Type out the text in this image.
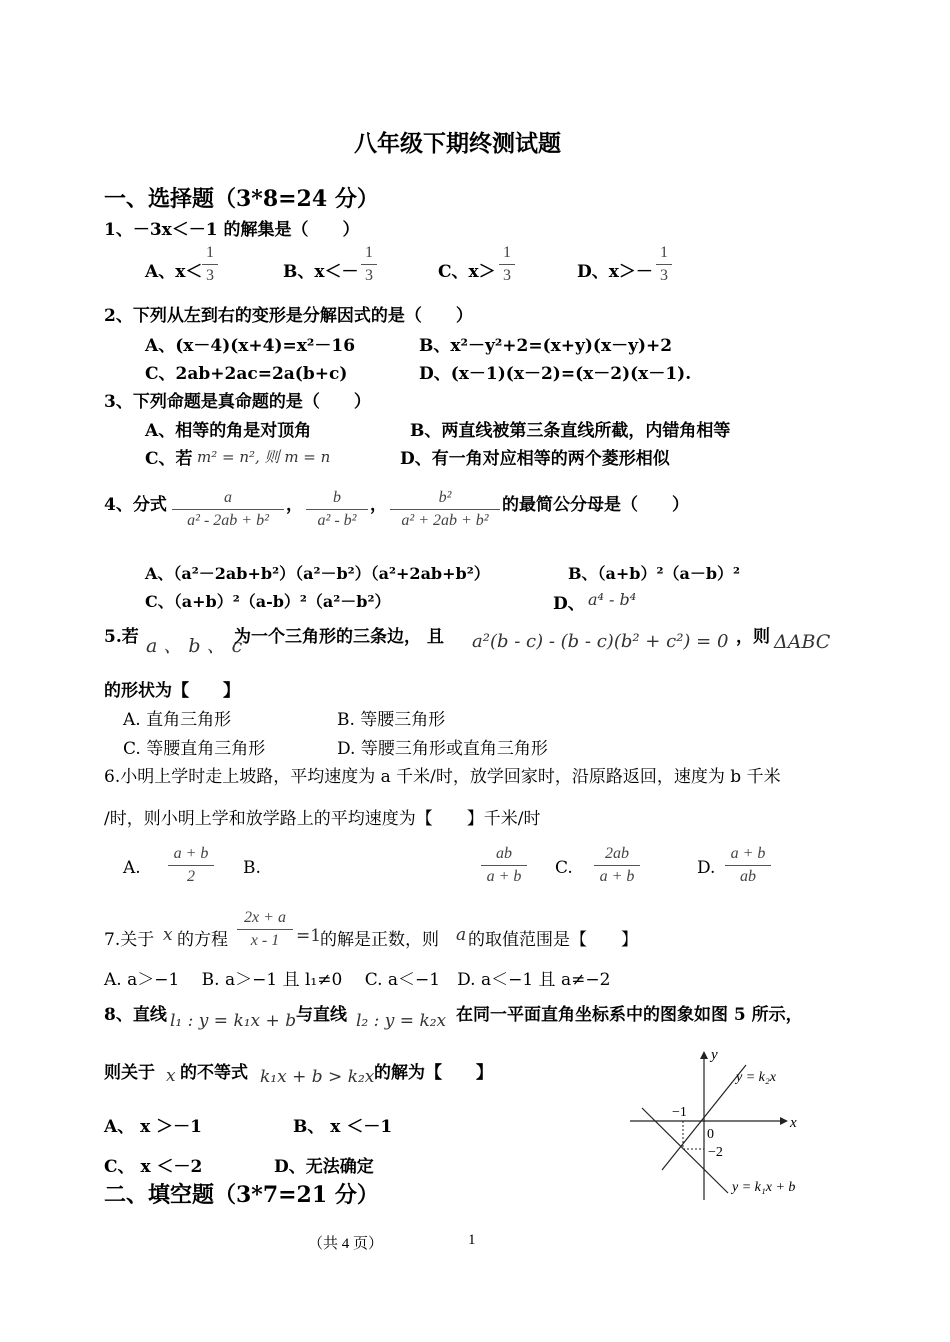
八年级下期终测试题
一、选择题（3*8=24 分）
1、－3x＜－1 的解集是（　　）
A、$x< \frac{1}{3}$	B、$x<- \frac{1}{3}$	C、$x> \frac{1}{3}$	D、$x>- \frac{1}{3}$
2、下列从左到右的变形是分解因式的是（　　）
A、(x－4)(x+4)=x²－16	B、x²－y²+2=(x+y)(x－y)+2
C、2ab+2ac=2a(b+c)	D、(x－1)(x－2)=(x－2)(x－1).
3、下列命题是真命题的是（　　）
A、相等的角是对顶角	B、两直线被第三条直线所截，内错角相等
C、若 m² = n², 则 m = n	D、有一角对应相等的两个菱形相似
4、分式 $\frac{a}{\text{a² - 2ab + b²}}$ ， $\frac{b}{\text{a² - b²}}$ ， $\frac{\text{b²}}{\text{a² + 2ab + b²}}$ 的最简公分母是（　　）
A、（a²－2ab+b²）（a²－b²）（a²+2ab+b²）	B、（a+b）²（a－b）²
C、（a+b）²（a-b）²（a²－b²）	D、 a⁴ - b⁴
5.若 a 、 b 、 c
为一个三角形的三条边， 且 a²(b - c) - (b - c)(b² + c²) = 0 ，则 ΔABC
的形状为【　　】
A. 直角三角形	B. 等腰三角形
C. 等腰直角三角形	D. 等腰三角形或直角三角形
6.小明上学时走上坡路，平均速度为 a 千米/时，放学回家时，沿原路返回，速度为 b 千米
/时，则小明上学和放学路上的平均速度为【　　】千米/时
A. $\frac{a + b}{2} B$.	$\frac{ab}{a + b} C$. $\frac{2ab}{a + b}$	D. $\frac{a + b}{ab}$
7.关于 x 的方程 $\frac{2x + a}{x - 1} =1$
的解是正数，则 a 的取值范围是【　　】
A. a＞−1　 B. a＞−1 且 l₁≠0　 C. a＜−1　D. a＜−1 且 a≠−2
8、直线 l₁ : y = k₁x + b 与直线 l₂ : y = k₂x 在同一平面直角坐标系中的图象如图 5 所示，
则关于 x 的不等式 k₁x + b > k₂x 的解为【　　】
A、 x ＞－1	B、 x ＜－1
C、 x ＜－2	D、无法确定
y
x
0
−1
−2
y = k₂x
y = k₁x + b
二、填空题（3*7=21 分）
（共 4 页）	1
